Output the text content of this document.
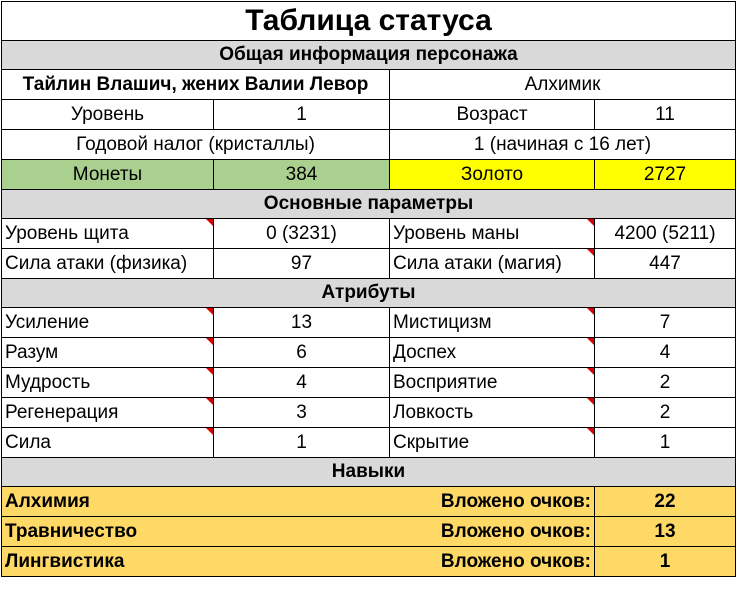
Таблица статуса			
Общая информация персонажа			
Тайлин Влашич, жених Валии Левор		Алхимик	
Уровень	1	Возраст	11
Годовой налог (кристаллы)		1 (начиная с 16 лет)	
Монеты	384	Золото	2727
Основные параметры			
Уровень щита	0 (3231)	Уровень маны	4200 (5211)
Сила атаки (физика)	97	Сила атаки (магия)	447
Атрибуты			
Усиление	13	Мистицизм	7
Разум	6	Доспех	4
Мудрость	4	Восприятие	2
Регенерация	3	Ловкость	2
Сила	1	Скрытие	1
Навыки			
Алхимия		Вложено очков:	22
Травничество		Вложено очков:	13
Лингвистика		Вложено очков:	1
